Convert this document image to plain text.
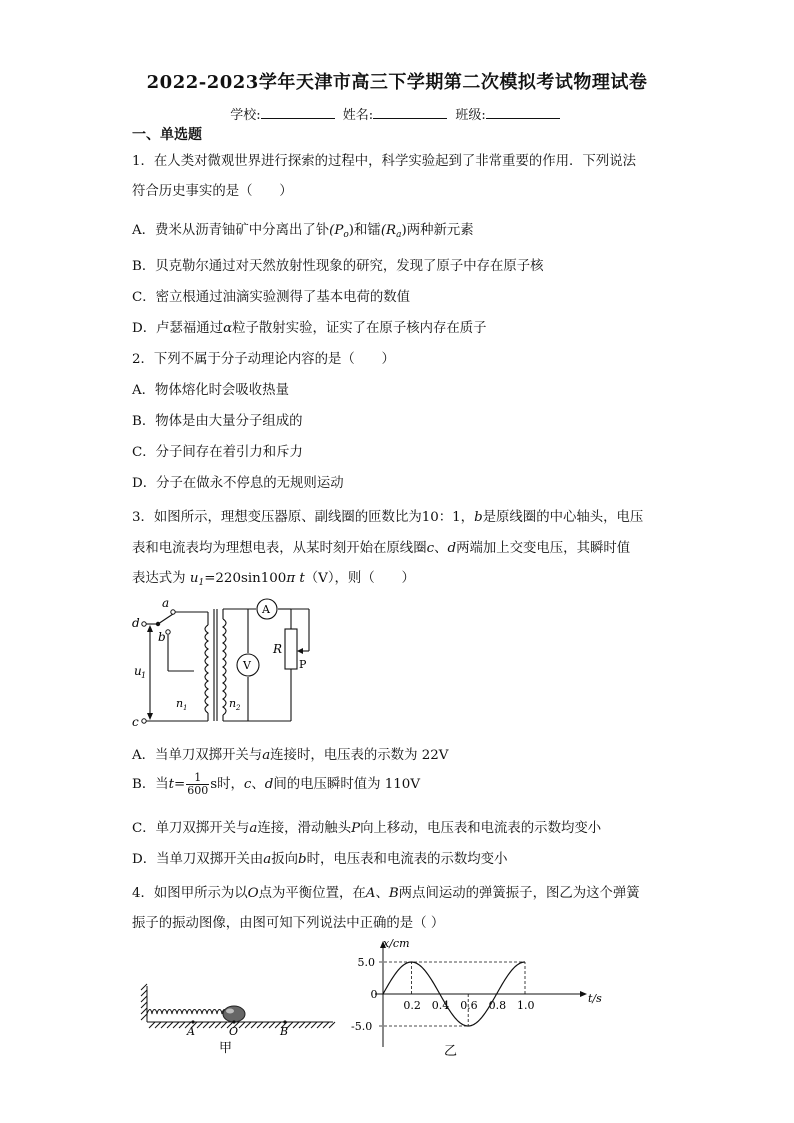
2022-2023学年天津市高三下学期第二次模拟考试物理试卷
学校:	姓名:	班级:
一、单选题
1．在人类对微观世界进行探索的过程中，科学实验起到了非常重要的作用．下列说法
符合历史事实的是（　　）
A．费米从沥青铀矿中分离出了钋$(P_o)$和镭$(R_a)$两种新元素
B．贝克勒尔通过对天然放射性现象的研究，发现了原子中存在原子核
C．密立根通过油滴实验测得了基本电荷的数值
D．卢瑟福通过α粒子散射实验，证实了在原子核内存在质子
2．下列不属于分子动理论内容的是（　　）
A．物体熔化时会吸收热量
B．物体是由大量分子组成的
C．分子间存在着引力和斥力
D．分子在做永不停息的无规则运动
3．如图所示，理想变压器原、副线圈的匝数比为10：1，b是原线圈的中心轴头，电压
表和电流表均为理想电表，从某时刻开始在原线圈c、d两端加上交变电压，其瞬时值
表达式为 $u_1=220\sin 100\pi$ t（V），则（　　）
a
b
d
c
u 1
n 1	n 2
A
V
R
P
A．当单刀双掷开关与a连接时，电压表的示数为 22V
B．当$t= \frac{1}{600}$ s时，c、d间的电压瞬时值为 110V
C．单刀双掷开关与a连接，滑动触头P向上移动，电压表和电流表的示数均变小
D．当单刀双掷开关由a扳向b时，电压表和电流表的示数均变小
4．如图甲所示为以O点为平衡位置，在A、B两点间运动的弹簧振子，图乙为这个弹簧
振子的振动图像，由图可知下列说法中正确的是（ ）
A	O	B
甲
0.2 0.4 0.6 0.8 1.0
5.0
0
-5.0
x/cm
t/s
乙
